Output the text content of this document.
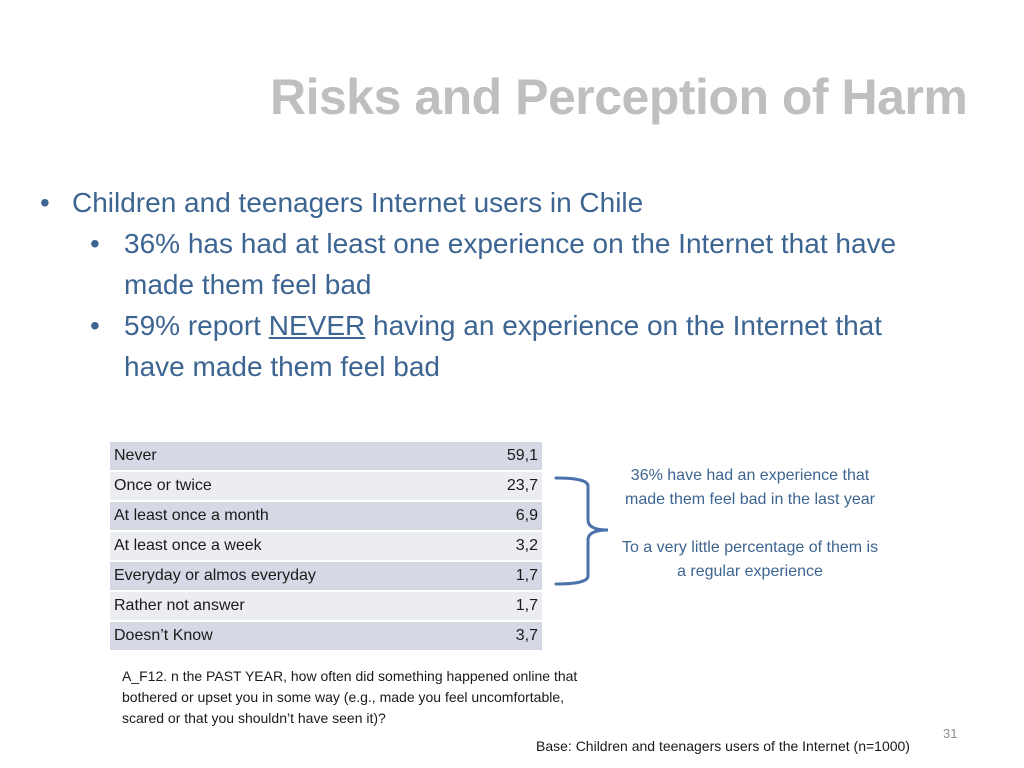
Risks and Perception of Harm
• Children and teenagers Internet users in Chile
• 36% has had at least one experience on the Internet that have made them feel bad
• 59% report NEVER having an experience on the Internet that have made them feel bad
Never	59,1
Once or twice	23,7
At least once a month	6,9
At least once a week	3,2
Everyday or almos everyday	1,7
Rather not answer	1,7
Doesn’t Know	3,7

36% have had an experience that made them feel bad in the last year

To a very little percentage of them is a regular experience

A_F12. n the PAST YEAR, how often did something happened online that bothered or upset you in some way (e.g., made you feel uncomfortable, scared or that you shouldn’t have seen it)?
31
Base: Children and teenagers users of the Internet (n=1000)
